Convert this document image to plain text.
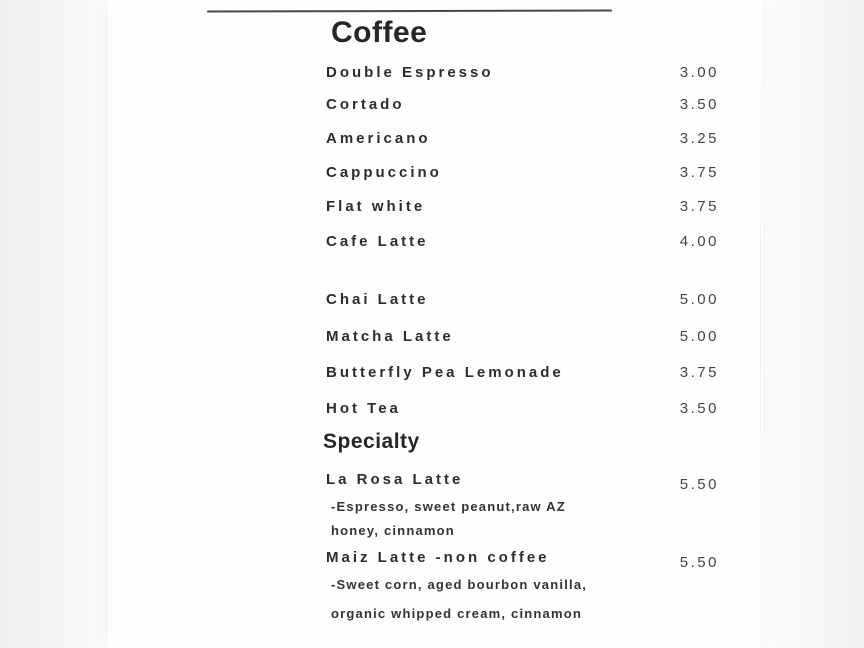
Coffee
Double Espresso	3.00
Cortado	3.50
Americano	3.25
Cappuccino	3.75
Flat white	3.75
Cafe Latte	4.00
Chai Latte	5.00
Matcha Latte	5.00
Butterfly Pea Lemonade	3.75
Hot Tea	3.50
Specialty
La Rosa Latte	5.50
-Espresso, sweet peanut,raw AZ
honey, cinnamon
Maiz Latte -non coffee	5.50
-Sweet corn, aged bourbon vanilla,
organic whipped cream, cinnamon
